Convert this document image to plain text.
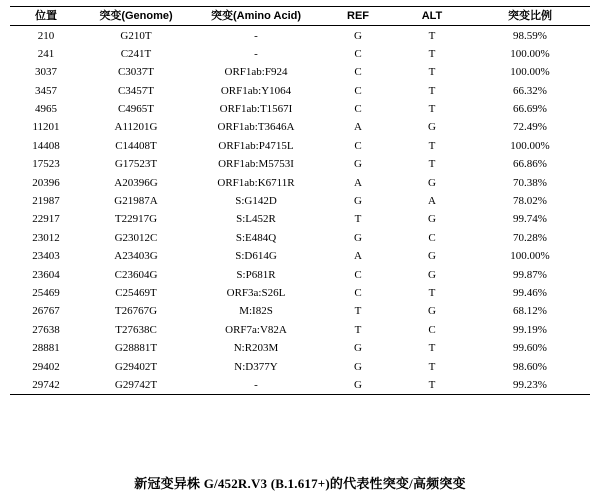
位置	突变(Genome)	突变(Amino Acid)	REF	ALT	突变比例
210	G210T	-	G	T	98.59%
241	C241T	-	C	T	100.00%
3037	C3037T	ORF1ab:F924	C	T	100.00%
3457	C3457T	ORF1ab:Y1064	C	T	66.32%
4965	C4965T	ORF1ab:T1567I	C	T	66.69%
11201	A11201G	ORF1ab:T3646A	A	G	72.49%
14408	C14408T	ORF1ab:P4715L	C	T	100.00%
17523	G17523T	ORF1ab:M5753I	G	T	66.86%
20396	A20396G	ORF1ab:K6711R	A	G	70.38%
21987	G21987A	S:G142D	G	A	78.02%
22917	T22917G	S:L452R	T	G	99.74%
23012	G23012C	S:E484Q	G	C	70.28%
23403	A23403G	S:D614G	A	G	100.00%
23604	C23604G	S:P681R	C	G	99.87%
25469	C25469T	ORF3a:S26L	C	T	99.46%
26767	T26767G	M:I82S	T	G	68.12%
27638	T27638C	ORF7a:V82A	T	C	99.19%
28881	G28881T	N:R203M	G	T	99.60%
29402	G29402T	N:D377Y	G	T	98.60%
29742	G29742T	-	G	T	99.23%
新冠变异株 G/452R.V3 (B.1.617+)的代表性突变/高频突变
